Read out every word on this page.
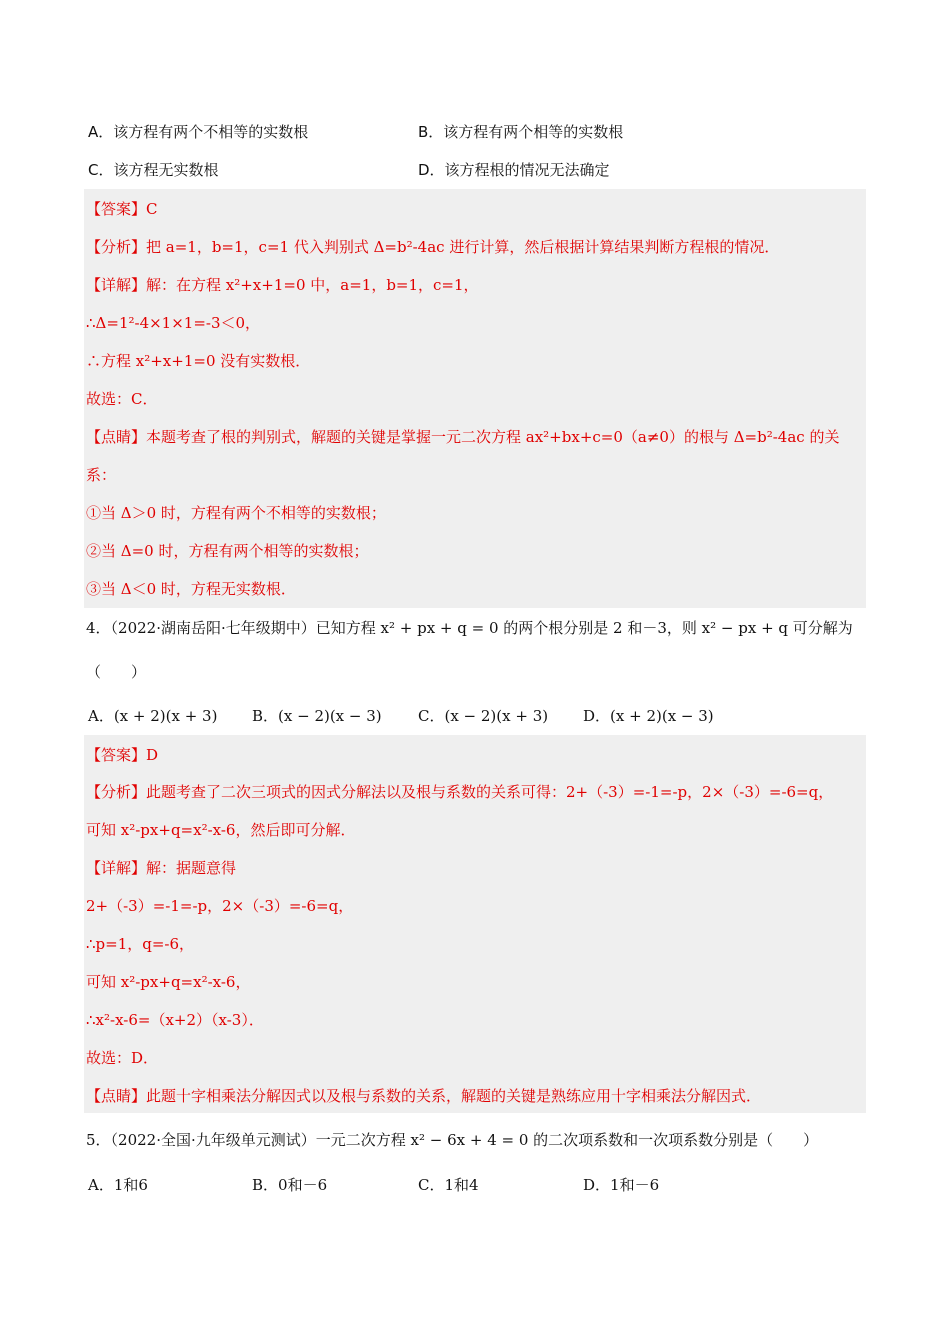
A．该方程有两个不相等的实数根	B．该方程有两个相等的实数根
C．该方程无实数根	D．该方程根的情况无法确定
【答案】C
【分析】把 a=1，b=1，c=1 代入判别式 Δ=b²-4ac 进行计算，然后根据计算结果判断方程根的情况．
【详解】解：在方程 x²+x+1=0 中，a=1，b=1，c=1，
∴Δ=1²-4×1×1=-3＜0，
∴方程 x²+x+1=0 没有实数根．
故选：C．
【点睛】本题考查了根的判别式，解题的关键是掌握一元二次方程 ax²+bx+c=0（a≠0）的根与 Δ=b²-4ac 的关
系：
①当 Δ＞0 时，方程有两个不相等的实数根；
②当 Δ=0 时，方程有两个相等的实数根；
③当 Δ＜0 时，方程无实数根．
4．（2022·湖南岳阳·七年级期中）已知方程 x² + px + q = 0 的两个根分别是 2 和－3，则 x² − px + q 可分解为
（　　）
A．(x + 2)(x + 3) B．(x − 2)(x − 3) C．(x − 2)(x + 3) D．(x + 2)(x − 3)
【答案】D
【分析】此题考查了二次三项式的因式分解法以及根与系数的关系可得：2+（-3）=-1=-p，2×（-3）=-6=q，
可知 x²-px+q=x²-x-6，然后即可分解．
【详解】解：据题意得
2+（-3）=-1=-p，2×（-3）=-6=q，
∴p=1，q=-6，
可知 x²-px+q=x²-x-6，
∴x²-x-6=（x+2）（x-3）．
故选：D．
【点睛】此题十字相乘法分解因式以及根与系数的关系，解题的关键是熟练应用十字相乘法分解因式．
5．（2022·全国·九年级单元测试）一元二次方程 x² − 6x + 4 = 0 的二次项系数和一次项系数分别是（　　）
A．1和6	B．0和－6	C．1和4	D．1和－6
